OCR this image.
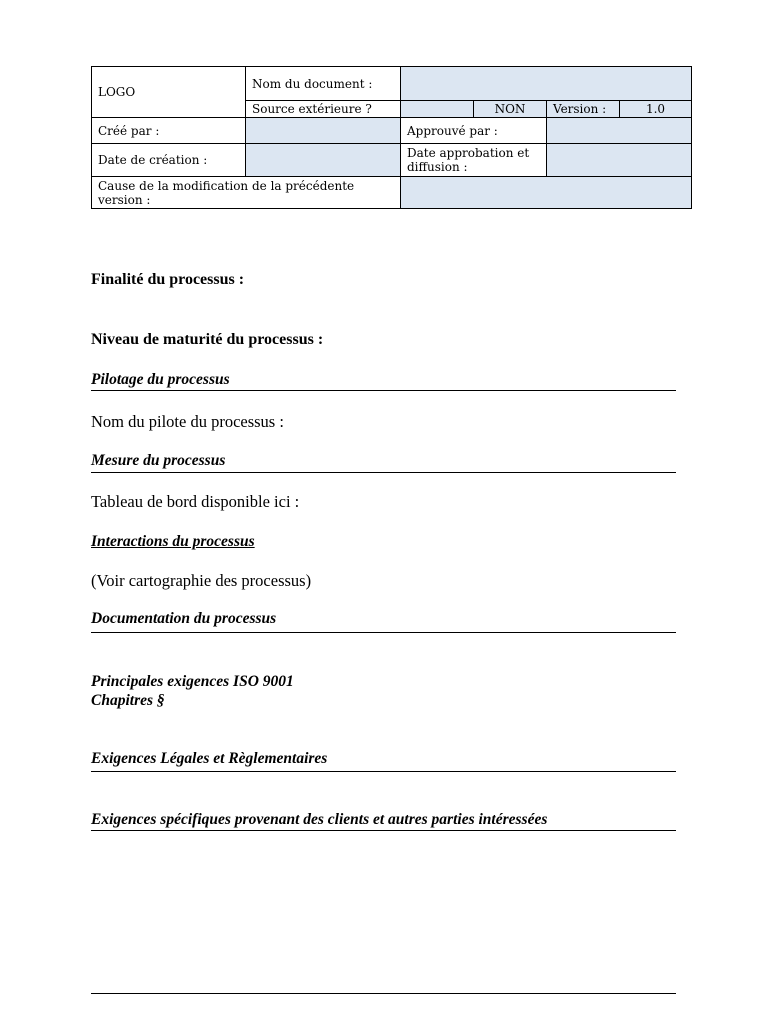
LOGO	Nom du document :				
	Source extérieure ?		NON	Version :	1.0
Créé par :		Approuvé par :			
Date de création :		Date approbation et diffusion :			
Cause de la modification de la précédente version :					
Finalité du processus :
Niveau de maturité du processus :
Pilotage du processus
Nom du pilote du processus :
Mesure du processus
Tableau de bord disponible ici :
Interactions du processus
(Voir cartographie des processus)
Documentation du processus
Principales exigences ISO 9001
Chapitres §
Exigences Légales et Règlementaires
Exigences spécifiques provenant des clients et autres parties intéressées
